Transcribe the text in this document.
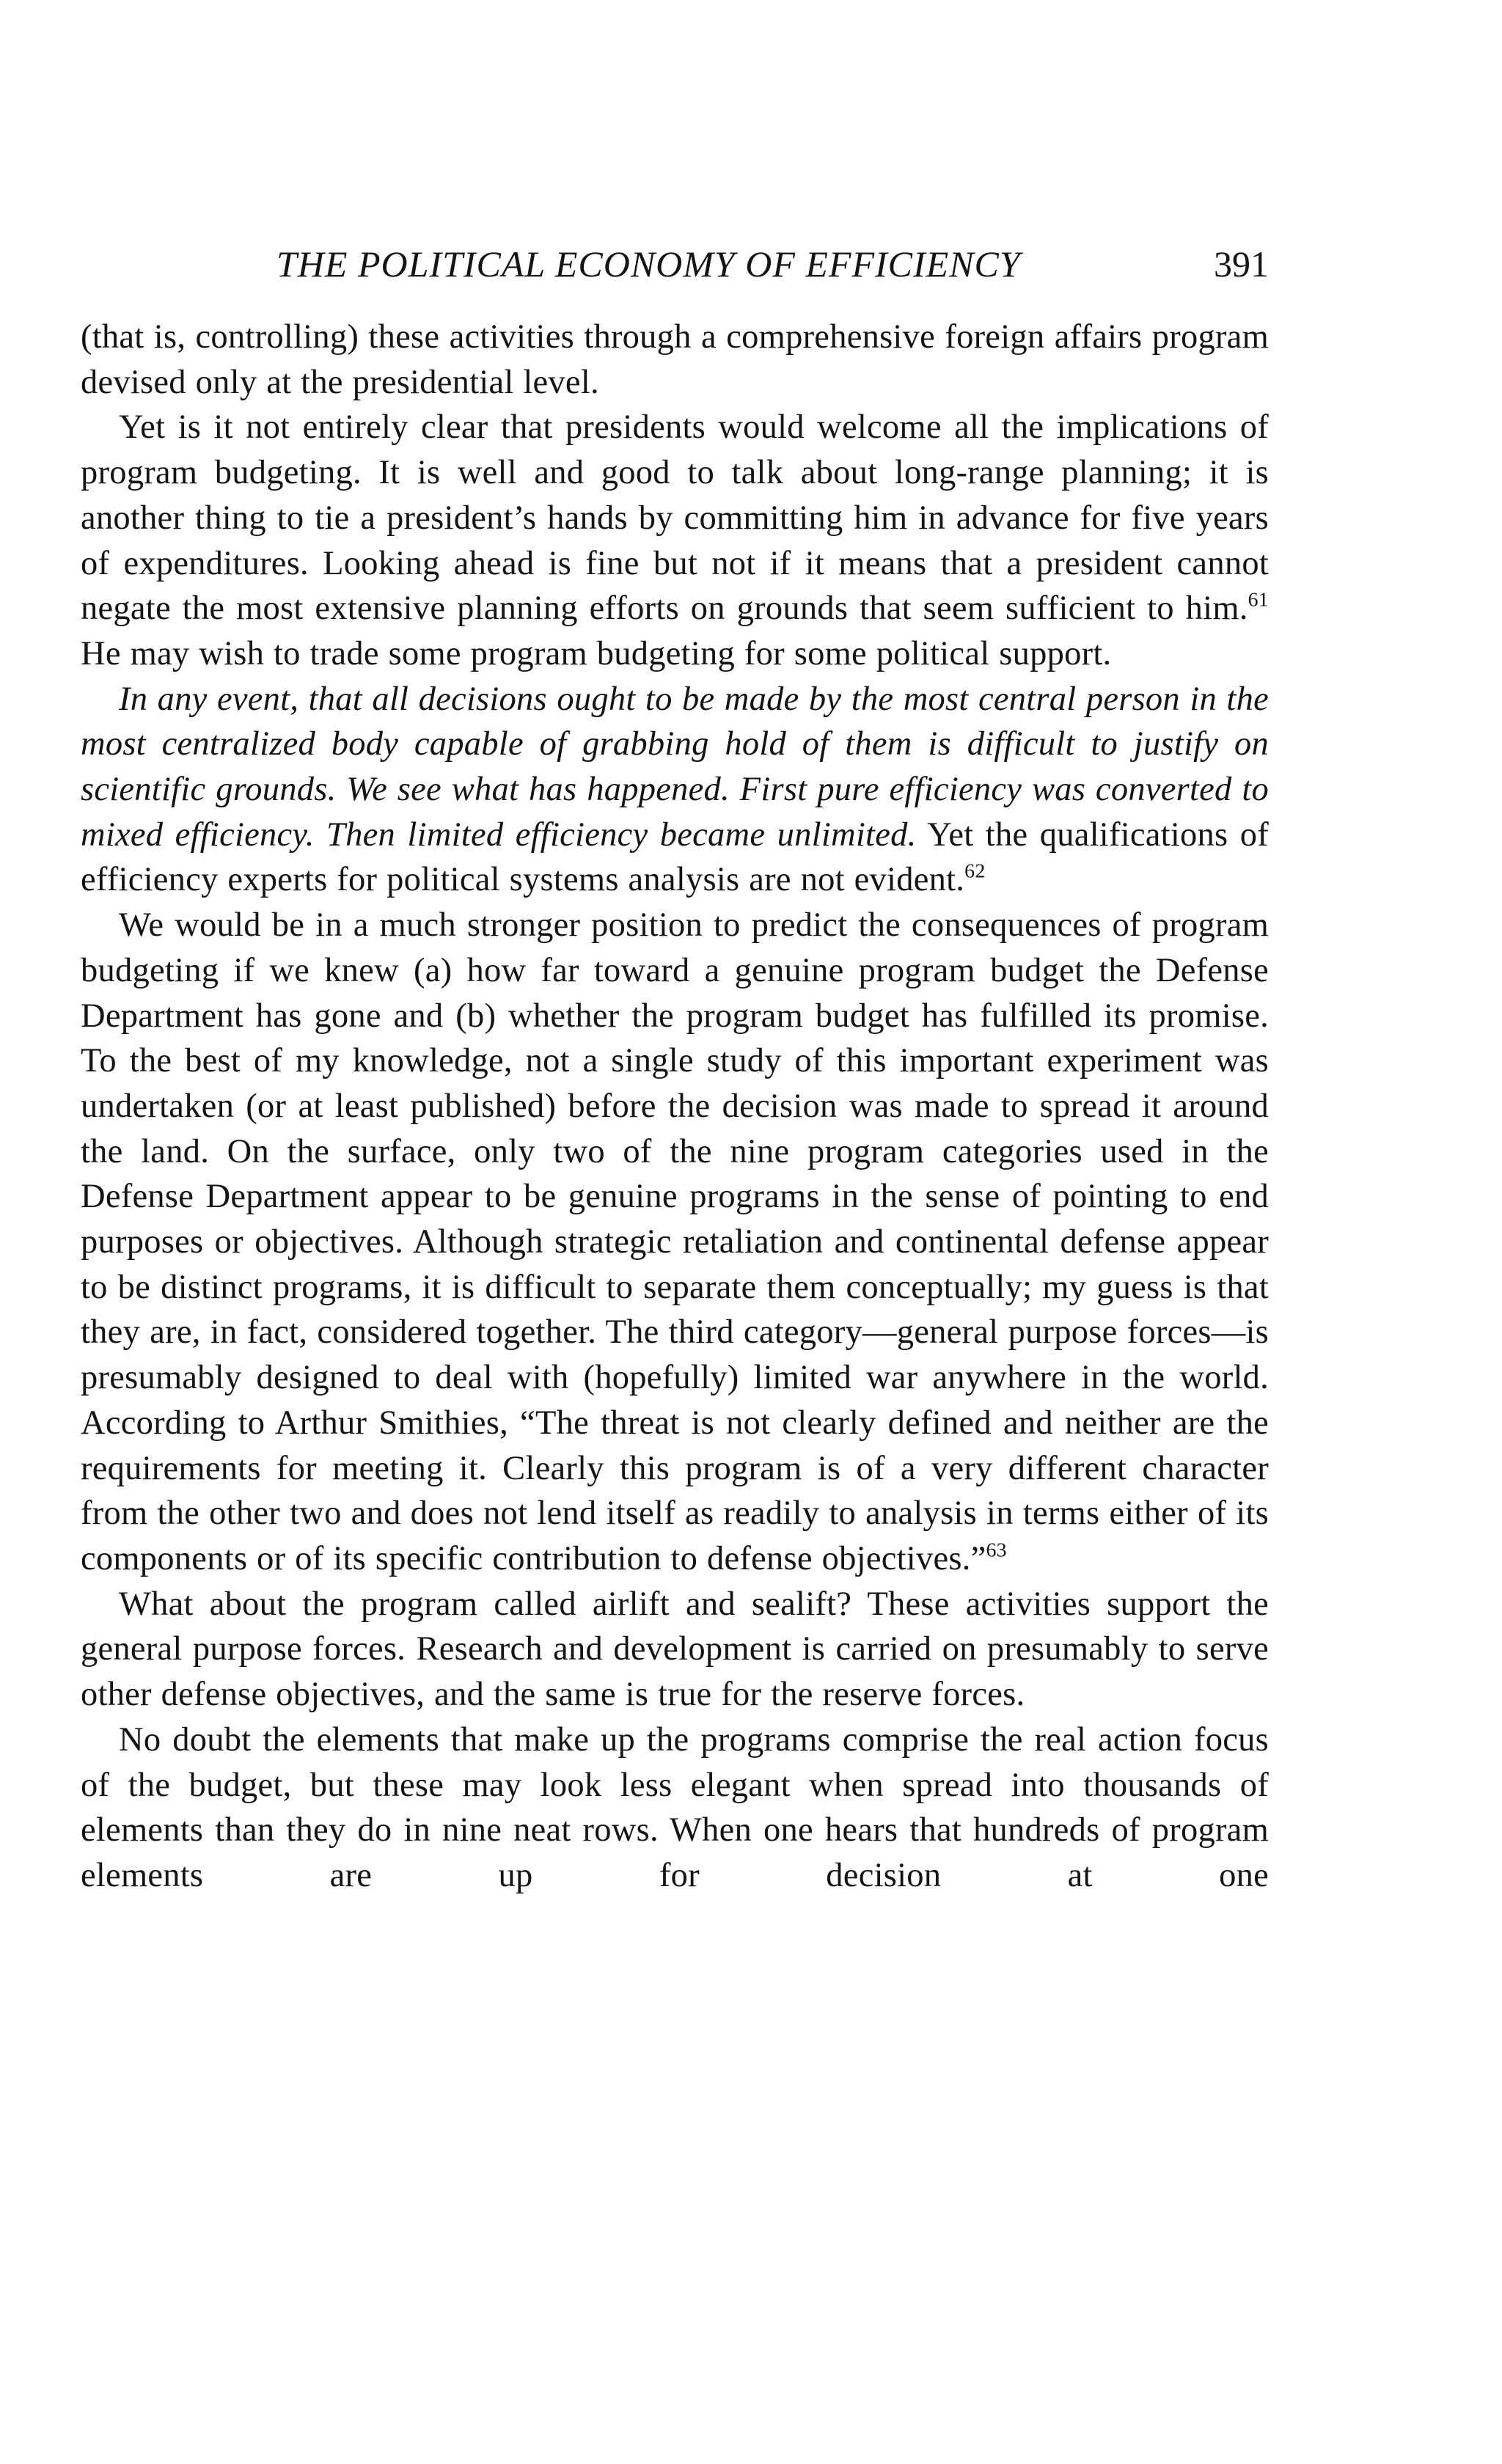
THE POLITICAL ECONOMY OF EFFICIENCY	391

(that is, controlling) these activities through a comprehensive foreign affairs program devised only at the presidential level.

Yet is it not entirely clear that presidents would welcome all the implications of program budgeting. It is well and good to talk about long-range planning; it is another thing to tie a president’s hands by committing him in advance for five years of expenditures. Looking ahead is fine but not if it means that a president cannot negate the most extensive planning efforts on grounds that seem sufficient to him.$^{61}$ He may wish to trade some program budgeting for some political support.

In any event, that all decisions ought to be made by the most central person in the most centralized body capable of grabbing hold of them is difficult to justify on scientific grounds. We see what has happened. First pure efficiency was converted to mixed efficiency. Then limited efficiency became unlimited. Yet the qualifications of efficiency experts for political systems analysis are not evident.$^{62}$

We would be in a much stronger position to predict the consequences of program budgeting if we knew (a) how far toward a genuine program budget the Defense Department has gone and (b) whether the program budget has fulfilled its promise. To the best of my knowledge, not a single study of this important experiment was undertaken (or at least published) before the decision was made to spread it around the land. On the surface, only two of the nine program categories used in the Defense Department appear to be genuine programs in the sense of pointing to end purposes or objectives. Although strategic retaliation and continental defense appear to be distinct programs, it is difficult to separate them conceptually; my guess is that they are, in fact, considered together. The third category—general purpose forces—is presumably designed to deal with (hopefully) limited war anywhere in the world. According to Arthur Smithies, “The threat is not clearly defined and neither are the requirements for meeting it. Clearly this program is of a very different character from the other two and does not lend itself as readily to analysis in terms either of its components or of its specific contribution to defense objectives.”$^{63}$

What about the program called airlift and sealift? These activities support the general purpose forces. Research and development is carried on presumably to serve other defense objectives, and the same is true for the reserve forces.

No doubt the elements that make up the programs comprise the real action focus of the budget, but these may look less elegant when spread into thousands of elements than they do in nine neat rows. When one hears that hundreds of program elements are up for decision at one
